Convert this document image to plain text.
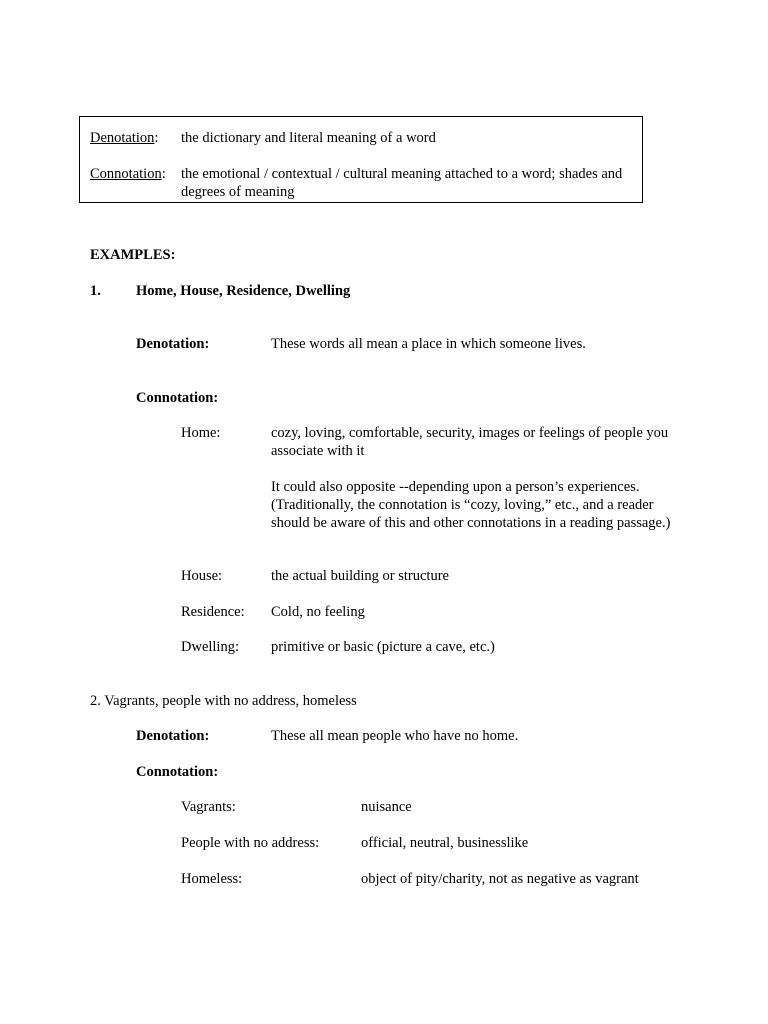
Denotation: the dictionary and literal meaning of a word
Connotation: the emotional / contextual / cultural meaning attached to a word; shades and degrees of meaning
EXAMPLES:
1. Home, House, Residence, Dwelling
Denotation:	These words all mean a place in which someone lives.
Connotation:
Home:	cozy, loving, comfortable, security, images or feelings of people you associate with it
It could also opposite --depending upon a person’s experiences. (Traditionally, the connotation is “cozy, loving,” etc., and a reader should be aware of this and other connotations in a reading passage.)
House:	the actual building or structure
Residence: Cold, no feeling
Dwelling: primitive or basic (picture a cave, etc.)
2. Vagrants, people with no address, homeless
Denotation:	These all mean people who have no home.
Connotation:
Vagrants:	nuisance
People with no address:	official, neutral, businesslike
Homeless:	object of pity/charity, not as negative as vagrant
